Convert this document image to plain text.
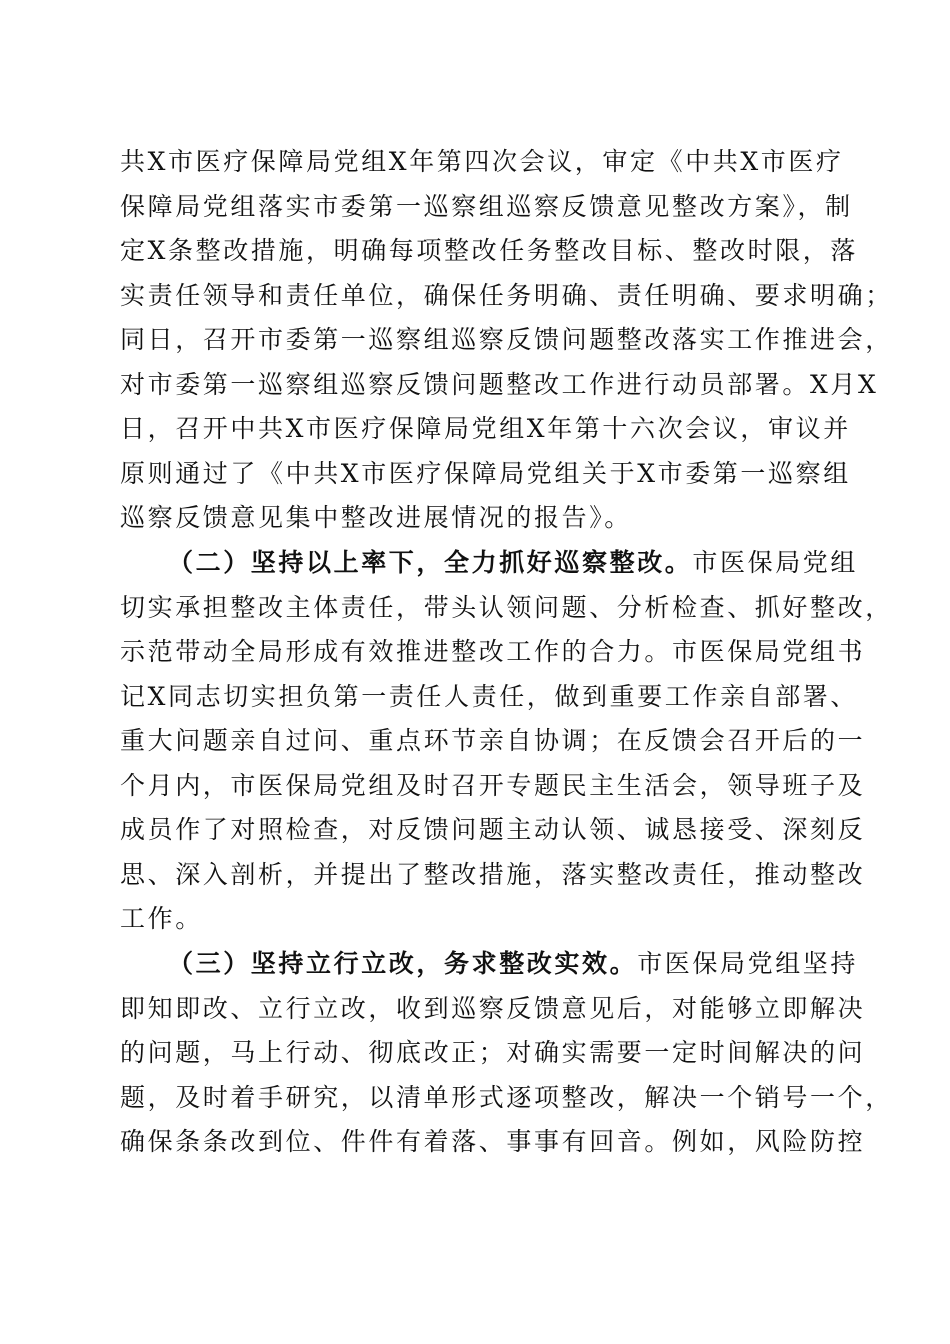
共X市医疗保障局党组X年第四次会议，审定《中共X市医疗
保障局党组落实市委第一巡察组巡察反馈意见整改方案》，制
定X条整改措施，明确每项整改任务整改目标、整改时限，落
实责任领导和责任单位，确保任务明确、责任明确、要求明确；
同日，召开市委第一巡察组巡察反馈问题整改落实工作推进会，
对市委第一巡察组巡察反馈问题整改工作进行动员部署。X月X
日，召开中共X市医疗保障局党组X年第十六次会议，审议并
原则通过了《中共X市医疗保障局党组关于X市委第一巡察组
巡察反馈意见集中整改进展情况的报告》。
（二）坚持以上率下，全力抓好巡察整改。市医保局党组
切实承担整改主体责任，带头认领问题、分析检查、抓好整改，
示范带动全局形成有效推进整改工作的合力。市医保局党组书
记X同志切实担负第一责任人责任，做到重要工作亲自部署、
重大问题亲自过问、重点环节亲自协调；在反馈会召开后的一
个月内，市医保局党组及时召开专题民主生活会，领导班子及
成员作了对照检查，对反馈问题主动认领、诚恳接受、深刻反
思、深入剖析，并提出了整改措施，落实整改责任，推动整改
工作。
（三）坚持立行立改，务求整改实效。市医保局党组坚持
即知即改、立行立改，收到巡察反馈意见后，对能够立即解决
的问题，马上行动、彻底改正；对确实需要一定时间解决的问
题，及时着手研究，以清单形式逐项整改，解决一个销号一个，
确保条条改到位、件件有着落、事事有回音。例如，风险防控
